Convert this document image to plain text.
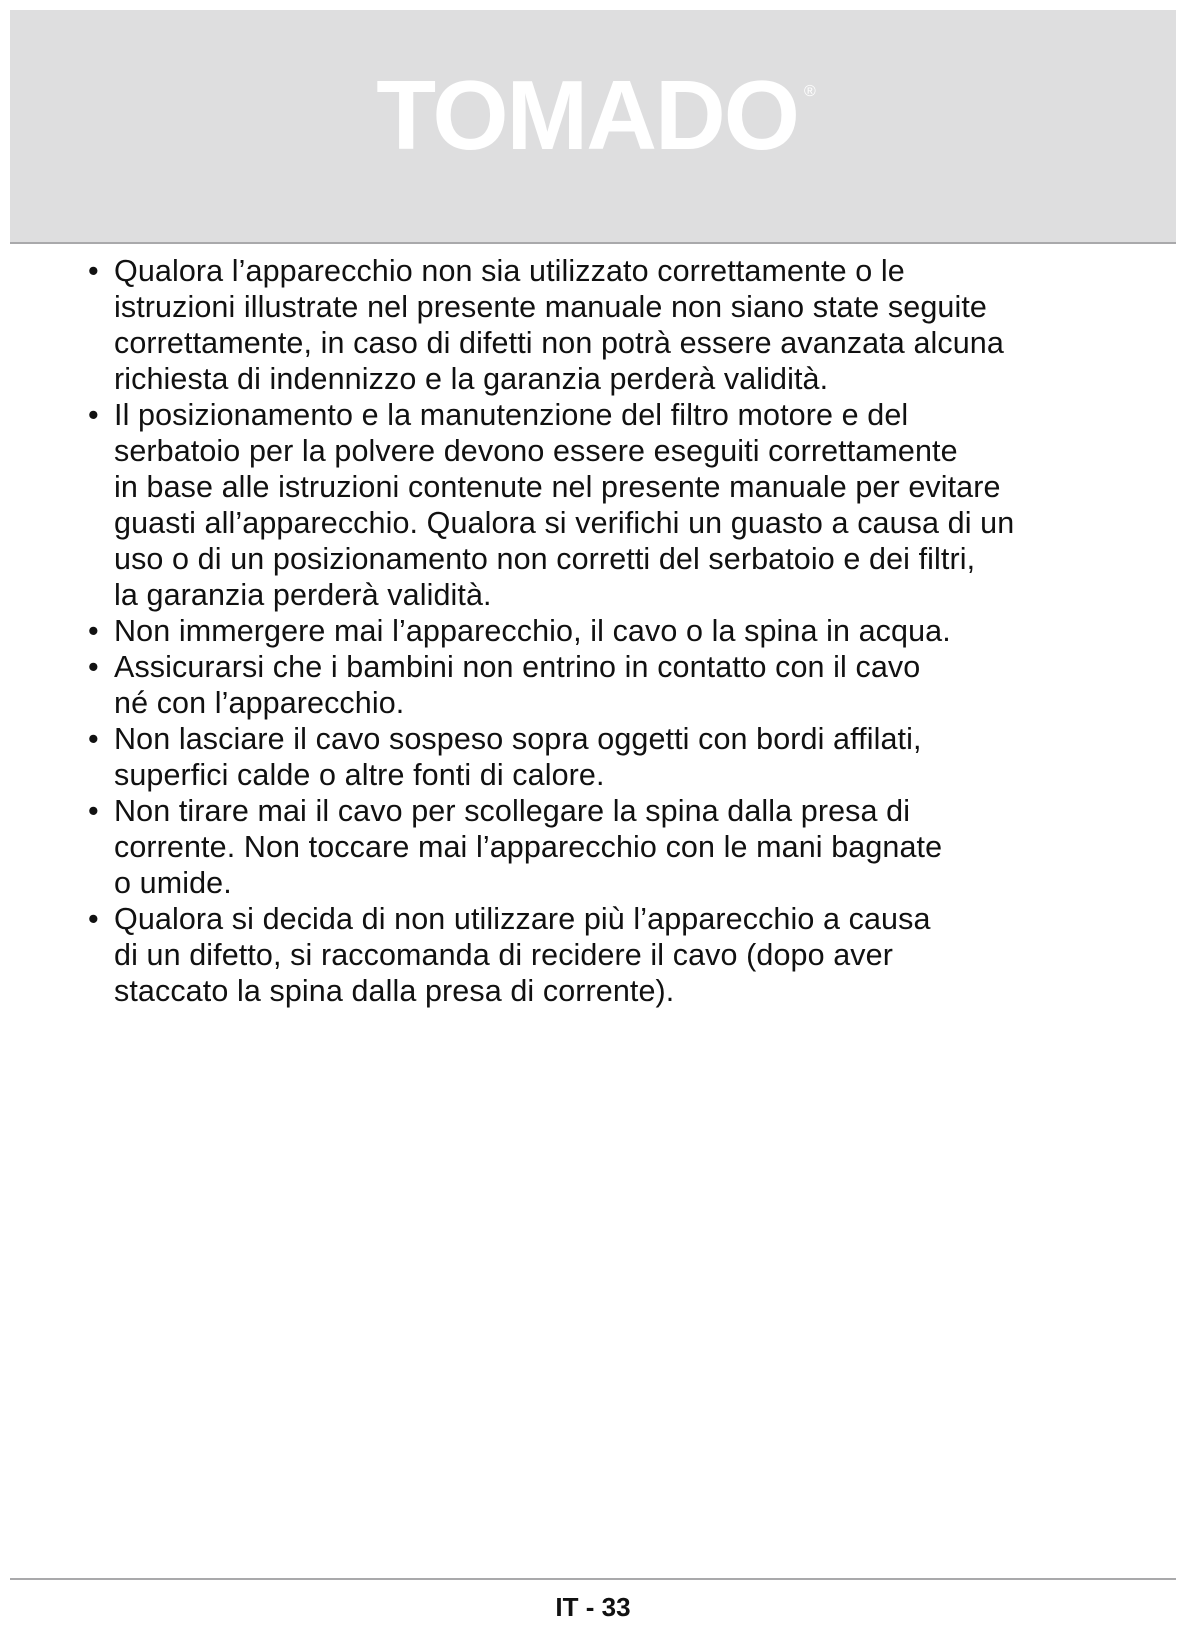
TOMADO ®
• Qualora l’apparecchio non sia utilizzato correttamente o le
istruzioni illustrate nel presente manuale non siano state seguite
correttamente, in caso di difetti non potrà essere avanzata alcuna
richiesta di indennizzo e la garanzia perderà validità.
• Il posizionamento e la manutenzione del filtro motore e del
serbatoio per la polvere devono essere eseguiti correttamente
in base alle istruzioni contenute nel presente manuale per evitare
guasti all’apparecchio. Qualora si verifichi un guasto a causa di un
uso o di un posizionamento non corretti del serbatoio e dei filtri,
la garanzia perderà validità.
• Non immergere mai l’apparecchio, il cavo o la spina in acqua.
• Assicurarsi che i bambini non entrino in contatto con il cavo
né con l’apparecchio.
• Non lasciare il cavo sospeso sopra oggetti con bordi affilati,
superfici calde o altre fonti di calore.
• Non tirare mai il cavo per scollegare la spina dalla presa di
corrente. Non toccare mai l’apparecchio con le mani bagnate
o umide.
• Qualora si decida di non utilizzare più l’apparecchio a causa
di un difetto, si raccomanda di recidere il cavo (dopo aver
staccato la spina dalla presa di corrente).
IT - 33
